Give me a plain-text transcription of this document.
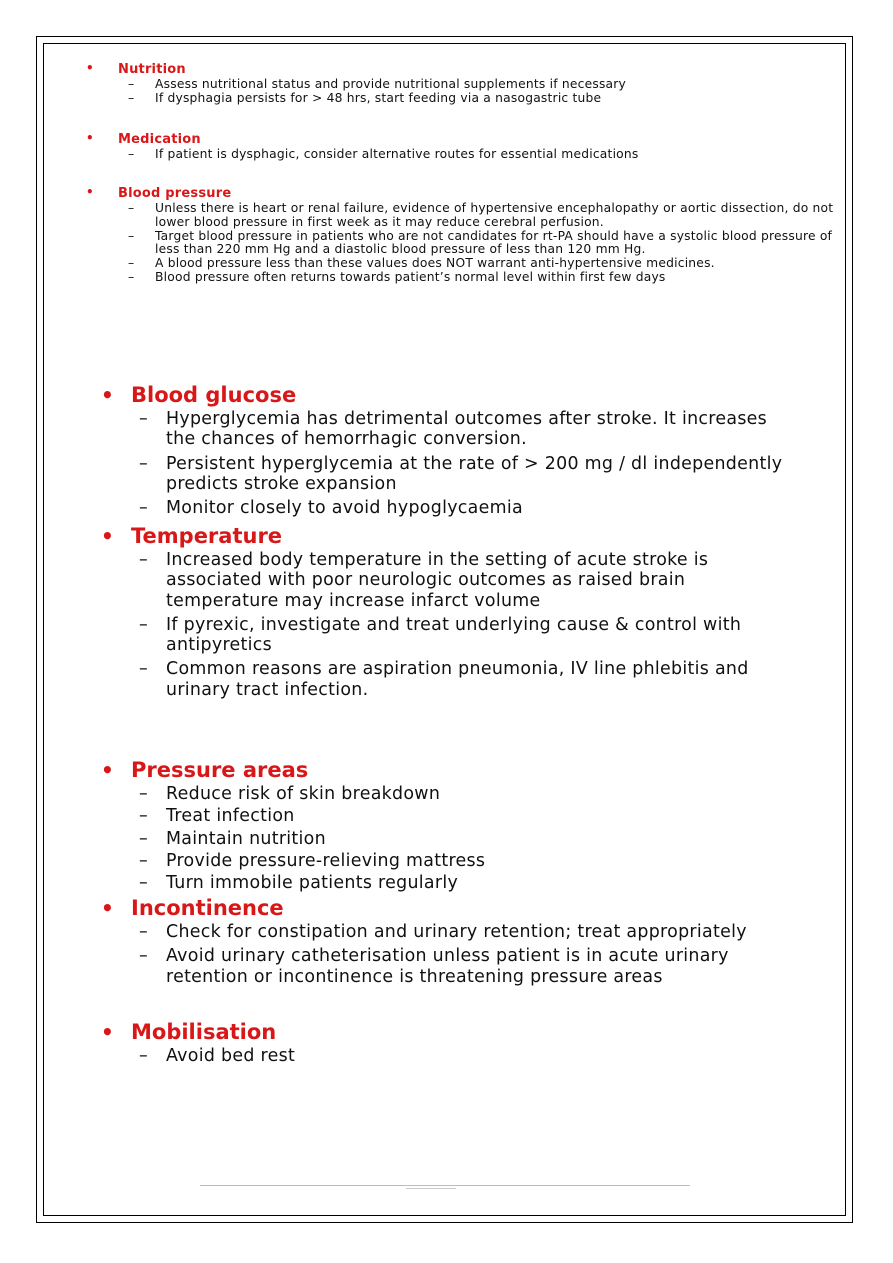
•	Nutrition
–	Assess nutritional status and provide nutritional supplements if necessary
–	If dysphagia persists for > 48 hrs, start feeding via a nasogastric tube
•	Medication
–	If patient is dysphagic, consider alternative routes for essential medications
•	Blood pressure
–	Unless there is heart or renal failure, evidence of hypertensive encephalopathy or aortic dissection, do not lower blood pressure in first week as it may reduce cerebral perfusion.
–	Target blood pressure in patients who are not candidates for rt-PA should have a systolic blood pressure of less than 220 mm Hg and a diastolic blood pressure of less than 120 mm Hg.
–	A blood pressure less than these values does NOT warrant anti-hypertensive medicines.
–	Blood pressure often returns towards patient’s normal level within first few days
• Blood glucose
–	Hyperglycemia has detrimental outcomes after stroke. It increases the chances of hemorrhagic conversion.
–	Persistent hyperglycemia at the rate of > 200 mg / dl independently predicts stroke expansion
–	Monitor closely to avoid hypoglycaemia
• Temperature
–	Increased body temperature in the setting of acute stroke is associated with poor neurologic outcomes as raised brain temperature may increase infarct volume
–	If pyrexic, investigate and treat underlying cause & control with antipyretics
–	Common reasons are aspiration pneumonia, IV line phlebitis and urinary tract infection.
• Pressure areas
–	Reduce risk of skin breakdown
–	Treat infection
–	Maintain nutrition
–	Provide pressure-relieving mattress
–	Turn immobile patients regularly
• Incontinence
–	Check for constipation and urinary retention; treat appropriately
–	Avoid urinary catheterisation unless patient is in acute urinary retention or incontinence is threatening pressure areas
• Mobilisation
–	Avoid bed rest
